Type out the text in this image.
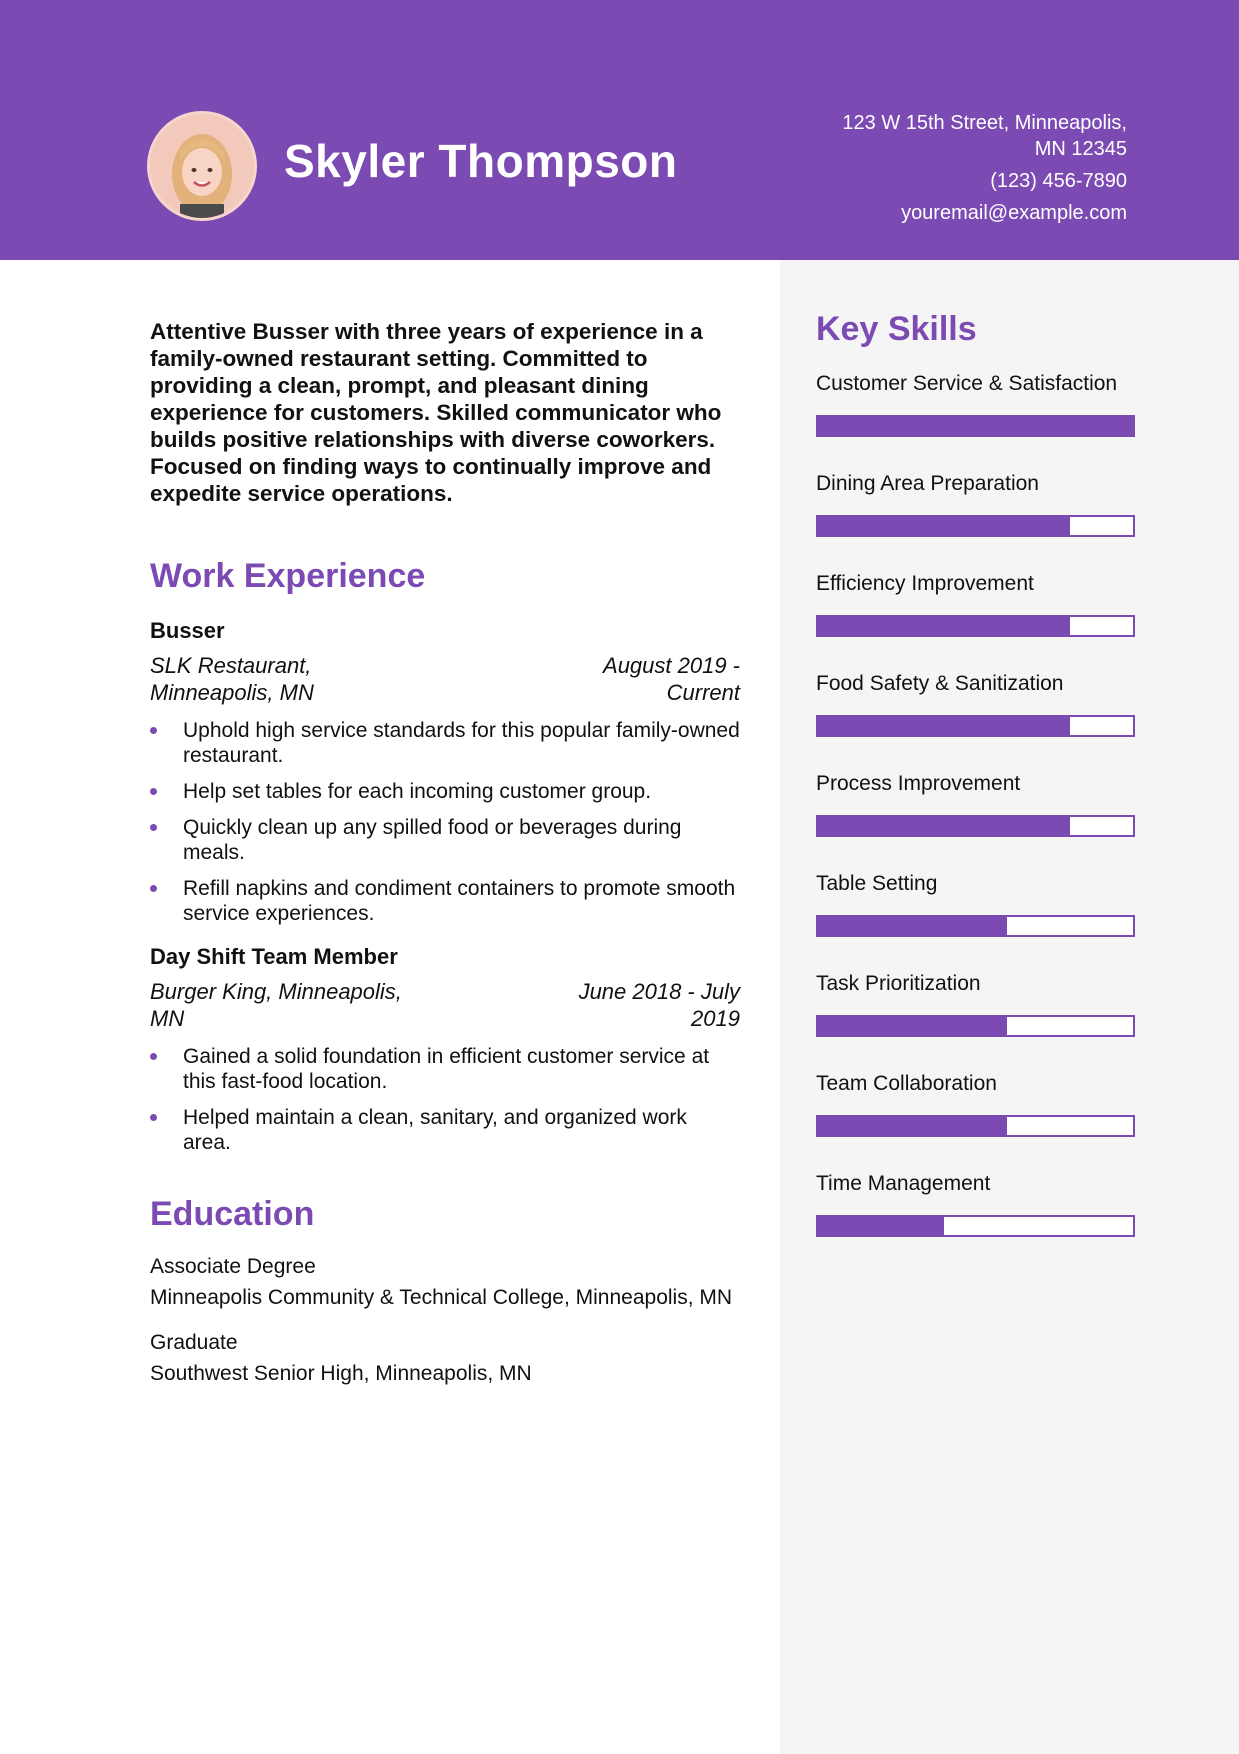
Skyler Thompson
123 W 15th Street, Minneapolis,
MN 12345
(123) 456-7890
youremail@example.com

Attentive Busser with three years of experience in a family-owned restaurant setting. Committed to providing a clean, prompt, and pleasant dining experience for customers. Skilled communicator who builds positive relationships with diverse coworkers. Focused on finding ways to continually improve and expedite service operations.

Work Experience
Busser
SLK Restaurant,
Minneapolis, MN
August 2019 -
Current
Uphold high service standards for this popular family-owned restaurant.
Help set tables for each incoming customer group.
Quickly clean up any spilled food or beverages during meals.
Refill napkins and condiment containers to promote smooth service experiences.
Day Shift Team Member
Burger King, Minneapolis,
MN
June 2018 - July
2019
Gained a solid foundation in efficient customer service at this fast-food location.
Helped maintain a clean, sanitary, and organized work area.
Education
Associate Degree
Minneapolis Community & Technical College, Minneapolis, MN
Graduate
Southwest Senior High, Minneapolis, MN
Key Skills
Customer Service & Satisfaction
Dining Area Preparation
Efficiency Improvement
Food Safety & Sanitization
Process Improvement
Table Setting
Task Prioritization
Team Collaboration
Time Management
